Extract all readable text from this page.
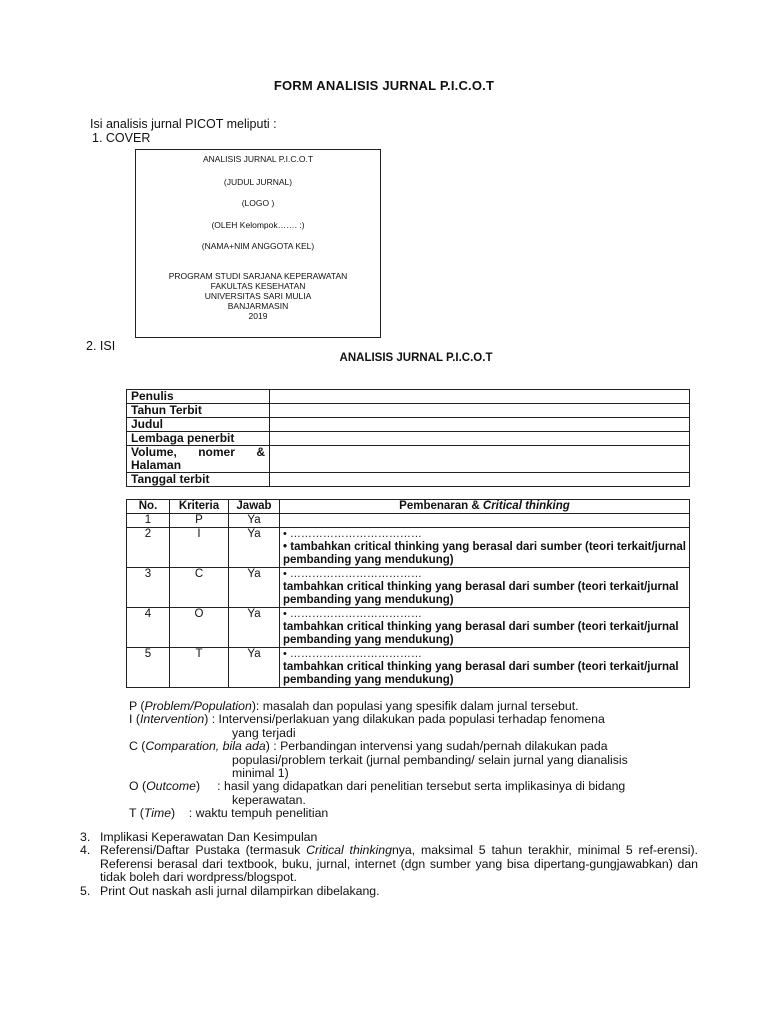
FORM ANALISIS JURNAL P.I.C.O.T
Isi analisis jurnal PICOT meliputi :
1. COVER
ANALISIS JURNAL P.I.C.O.T
(JUDUL JURNAL)
(LOGO )
(OLEH Kelompok……. :)
(NAMA+NIM ANGGOTA KEL)
PROGRAM STUDI SARJANA KEPERAWATAN
FAKULTAS KESEHATAN
UNIVERSITAS SARI MULIA
BANJARMASIN
2019
2. ISI
ANALISIS JURNAL P.I.C.O.T
Penulis	
Tahun Terbit	
Judul	
Lembaga penerbit	
Volume, nomer & Halaman	
Tanggal terbit	
No.	Kriteria	Jawab	Pembenaran & Critical thinking
1	P	Ya	
2	I	Ya	• ………………………………
• tambahkan critical thinking yang berasal dari sumber (teori terkait/jurnal pembanding yang mendukung)

3	C	Ya	• ………………………………
tambahkan critical thinking yang berasal dari sumber (teori terkait/jurnal pembanding yang mendukung)

4	O	Ya	• ………………………………
tambahkan critical thinking yang berasal dari sumber (teori terkait/jurnal pembanding yang mendukung)

5	T	Ya	• ………………………………
tambahkan critical thinking yang berasal dari sumber (teori terkait/jurnal pembanding yang mendukung)
P (Problem/Population): masalah dan populasi yang spesifik dalam jurnal tersebut.
I (Intervention) : Intervensi/perlakuan yang dilakukan pada populasi terhadap fenomena
yang terjadi
C (Comparation, bila ada) : Perbandingan intervensi yang sudah/pernah dilakukan pada
populasi/problem terkait (jurnal pembanding/ selain jurnal yang dianalisis
minimal 1)
O (Outcome)     : hasil yang didapatkan dari penelitian tersebut serta implikasinya di bidang
keperawatan.
T (Time)    : waktu tempuh penelitian
3. Implikasi Keperawatan Dan Kesimpulan
4. Referensi/Daftar Pustaka (termasuk Critical thinkingnya, maksimal 5 tahun terakhir, minimal 5 ref-erensi). Referensi berasal dari textbook, buku, jurnal, internet (dgn sumber yang bisa dipertang-gungjawabkan) dan tidak boleh dari wordpress/blogspot.
5. Print Out naskah asli jurnal dilampirkan dibelakang.
